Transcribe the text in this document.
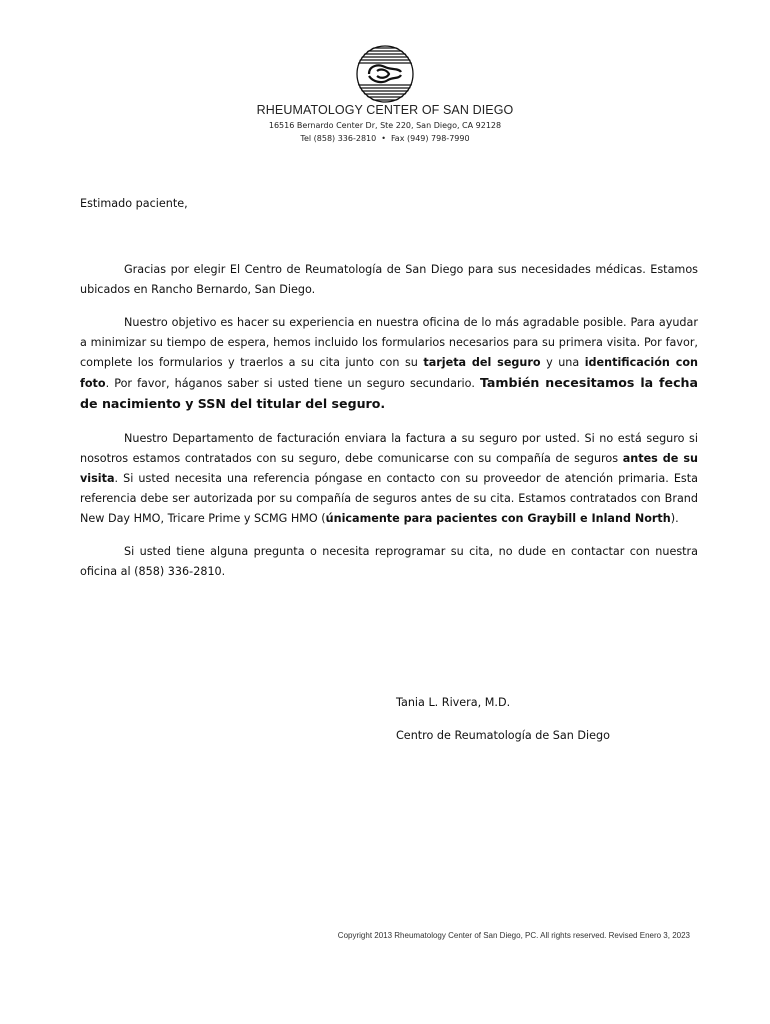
RHEUMATOLOGY CENTER OF SAN DIEGO
16516 Bernardo Center Dr, Ste 220, San Diego, CA 92128
Tel (858) 336-2810 • Fax (949) 798-7990
Estimado paciente,

Gracias por elegir El Centro de Reumatología de San Diego para sus necesidades médicas. Estamos ubicados en Rancho Bernardo, San Diego.

Nuestro objetivo es hacer su experiencia en nuestra oficina de lo más agradable posible. Para ayudar a minimizar su tiempo de espera, hemos incluido los formularios necesarios para su primera visita. Por favor, complete los formularios y traerlos a su cita junto con su tarjeta del seguro y una identificación con foto. Por favor, háganos saber si usted tiene un seguro secundario. También necesitamos la fecha de nacimiento y SSN del titular del seguro.

Nuestro Departamento de facturación enviara la factura a su seguro por usted. Si no está seguro si nosotros estamos contratados con su seguro, debe comunicarse con su compañía de seguros antes de su visita. Si usted necesita una referencia póngase en contacto con su proveedor de atención primaria. Esta referencia debe ser autorizada por su compañía de seguros antes de su cita. Estamos contratados con Brand New Day HMO, Tricare Prime y SCMG HMO (únicamente para pacientes con Graybill e Inland North).

Si usted tiene alguna pregunta o necesita reprogramar su cita, no dude en contactar con nuestra oficina al (858) 336-2810.

Tania L. Rivera, M.D.
Centro de Reumatología de San Diego
Copyright 2013 Rheumatology Center of San Diego, PC. All rights reserved. Revised Enero 3, 2023
